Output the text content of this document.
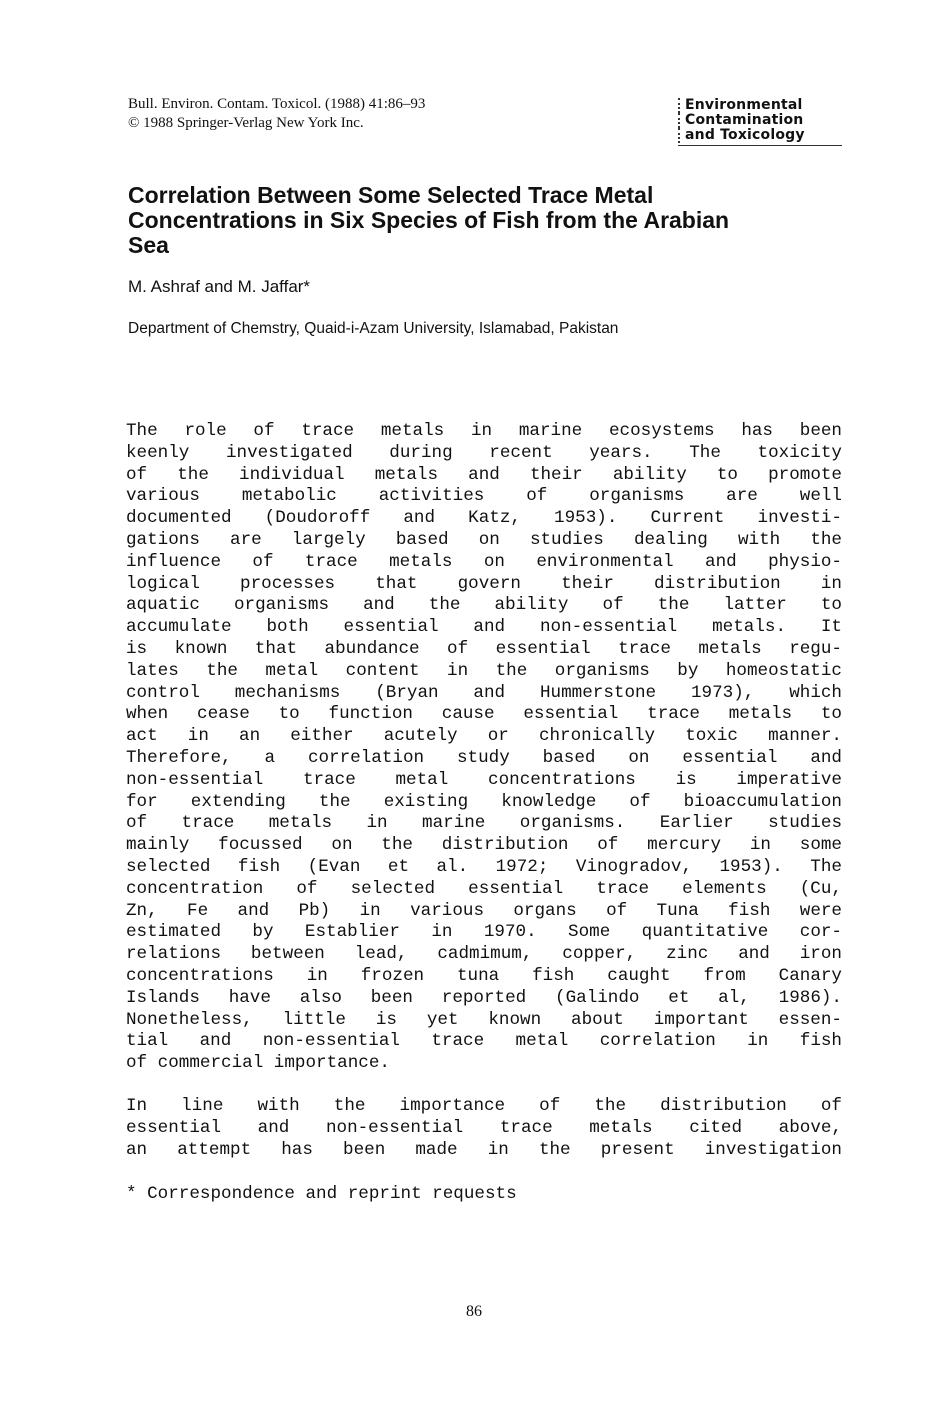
Bull. Environ. Contam. Toxicol. (1988) 41:86–93
© 1988 Springer-Verlag New York Inc.
Environmental
Contamination
and Toxicology
Correlation Between Some Selected Trace Metal Concentrations in Six Species of Fish from the Arabian Sea
M. Ashraf and M. Jaffar*
Department of Chemstry, Quaid-i-Azam University, Islamabad, Pakistan
The role of trace metals in marine ecosystems has been
keenly investigated during recent years. The toxicity
of the individual metals and their ability to promote
various metabolic activities of organisms are well
documented (Doudoroff and Katz, 1953). Current investi-
gations are largely based on studies dealing with the
influence of trace metals on environmental and physio-
logical processes that govern their distribution in
aquatic organisms and the ability of the latter to
accumulate both essential and non-essential metals. It
is known that abundance of essential trace metals regu-
lates the metal content in the organisms by homeostatic
control mechanisms (Bryan and Hummerstone 1973), which
when cease to function cause essential trace metals to
act in an either acutely or chronically toxic manner.
Therefore, a correlation study based on essential and
non-essential trace metal concentrations is imperative
for extending the existing knowledge of bioaccumulation
of trace metals in marine organisms. Earlier studies
mainly focussed on the distribution of mercury in some
selected fish (Evan et al. 1972; Vinogradov, 1953). The
concentration of selected essential trace elements (Cu,
Zn, Fe and Pb) in various organs of Tuna fish were
estimated by Establier in 1970. Some quantitative cor-
relations between lead, cadmimum, copper, zinc and iron
concentrations in frozen tuna fish caught from Canary
Islands have also been reported (Galindo et al, 1986).
Nonetheless, little is yet known about important essen-
tial and non-essential trace metal correlation in fish
of commercial importance.
In line with the importance of the distribution of
essential and non-essential trace metals cited above,
an attempt has been made in the present investigation
* Correspondence and reprint requests
86
